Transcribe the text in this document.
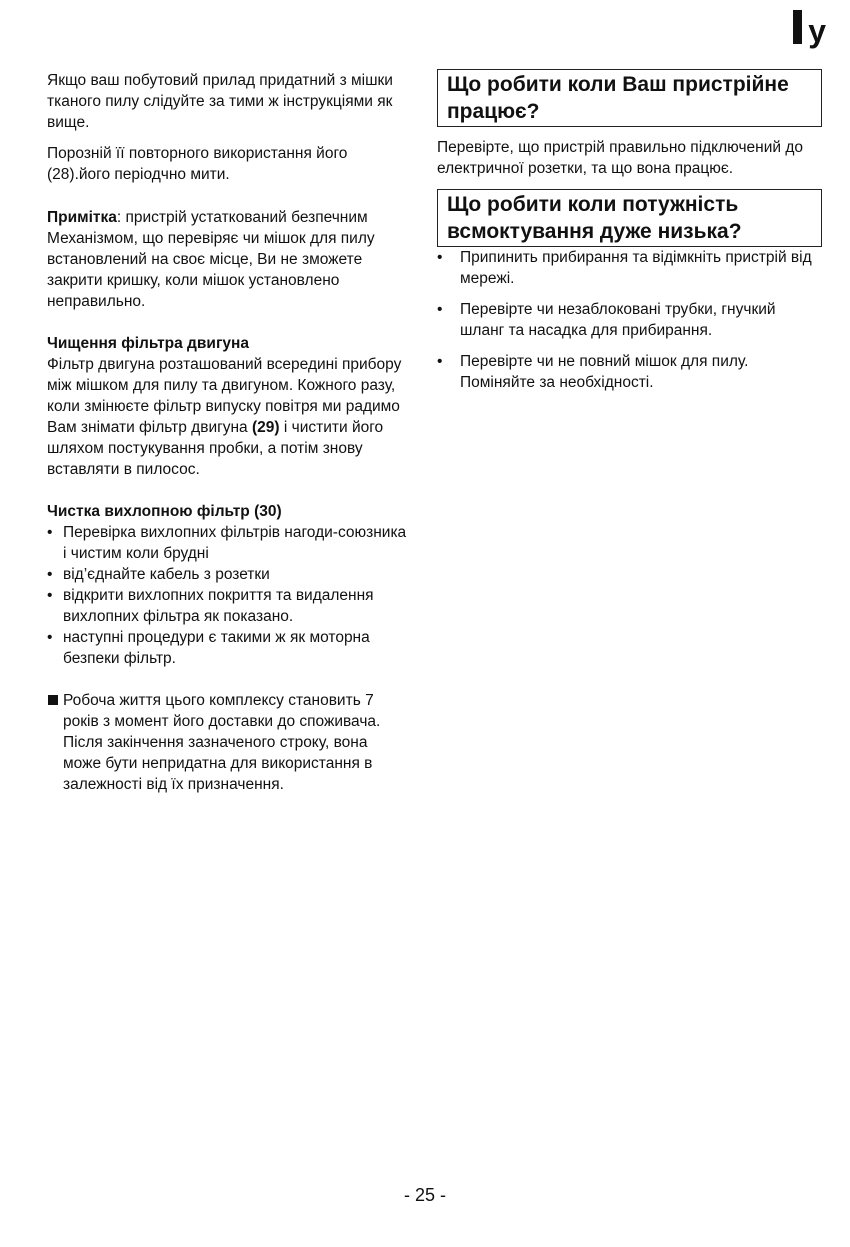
y

Якщо ваш побутовий прилад придатний з мішки тканого пилу слідуйте за тими ж інструкціями як вище.

Порозній її повторного використання його (28).його періодчно мити.

Примітка: пристрій устаткований безпечним Механізмом, що перевіряє чи мішок для пилу встановлений на своє місце, Ви не зможете закрити кришку, коли мішок установлено неправильно.

Чищення фільтра двигуна

Фільтр двигуна розташований всередині прибору між мішком для пилу та двигуном. Кожного разу, коли змінюєте фільтр випуску повітря ми радимо Вам знімати фільтр двигуна (29) і чистити його шляхом постукування пробки, а потім знову вставляти в пилосос.

Чистка вихлопною фільтр (30)

• Перевірка вихлопних фільтрів нагоди-союзника і чистим коли брудні
• від’єднайте кабель з розетки
• відкрити вихлопних покриття та видалення вихлопних фільтра як показано.
• наступні процедури є такими ж як моторна безпеки фільтр.

Робоча життя цього комплексу становить 7 років з момент його доставки до споживача.

Після закінчення зазначеного строку, вона може бути непридатна для використання в залежності від їх призначення.

Що робити коли Ваш пристрійне працює?

Перевірте, що пристрій правильно підключений до електричної розетки, та що вона працює.

Що робити коли потужність всмоктування дуже низька?
• Припинить прибирання та відімкніть пристрій від мережі.
• Перевірте чи незаблоковані трубки, гнучкий шланг та насадка для прибирання.
• Перевірте чи не повний мішок для пилу. Поміняйте за необхідності.
- 25 -
